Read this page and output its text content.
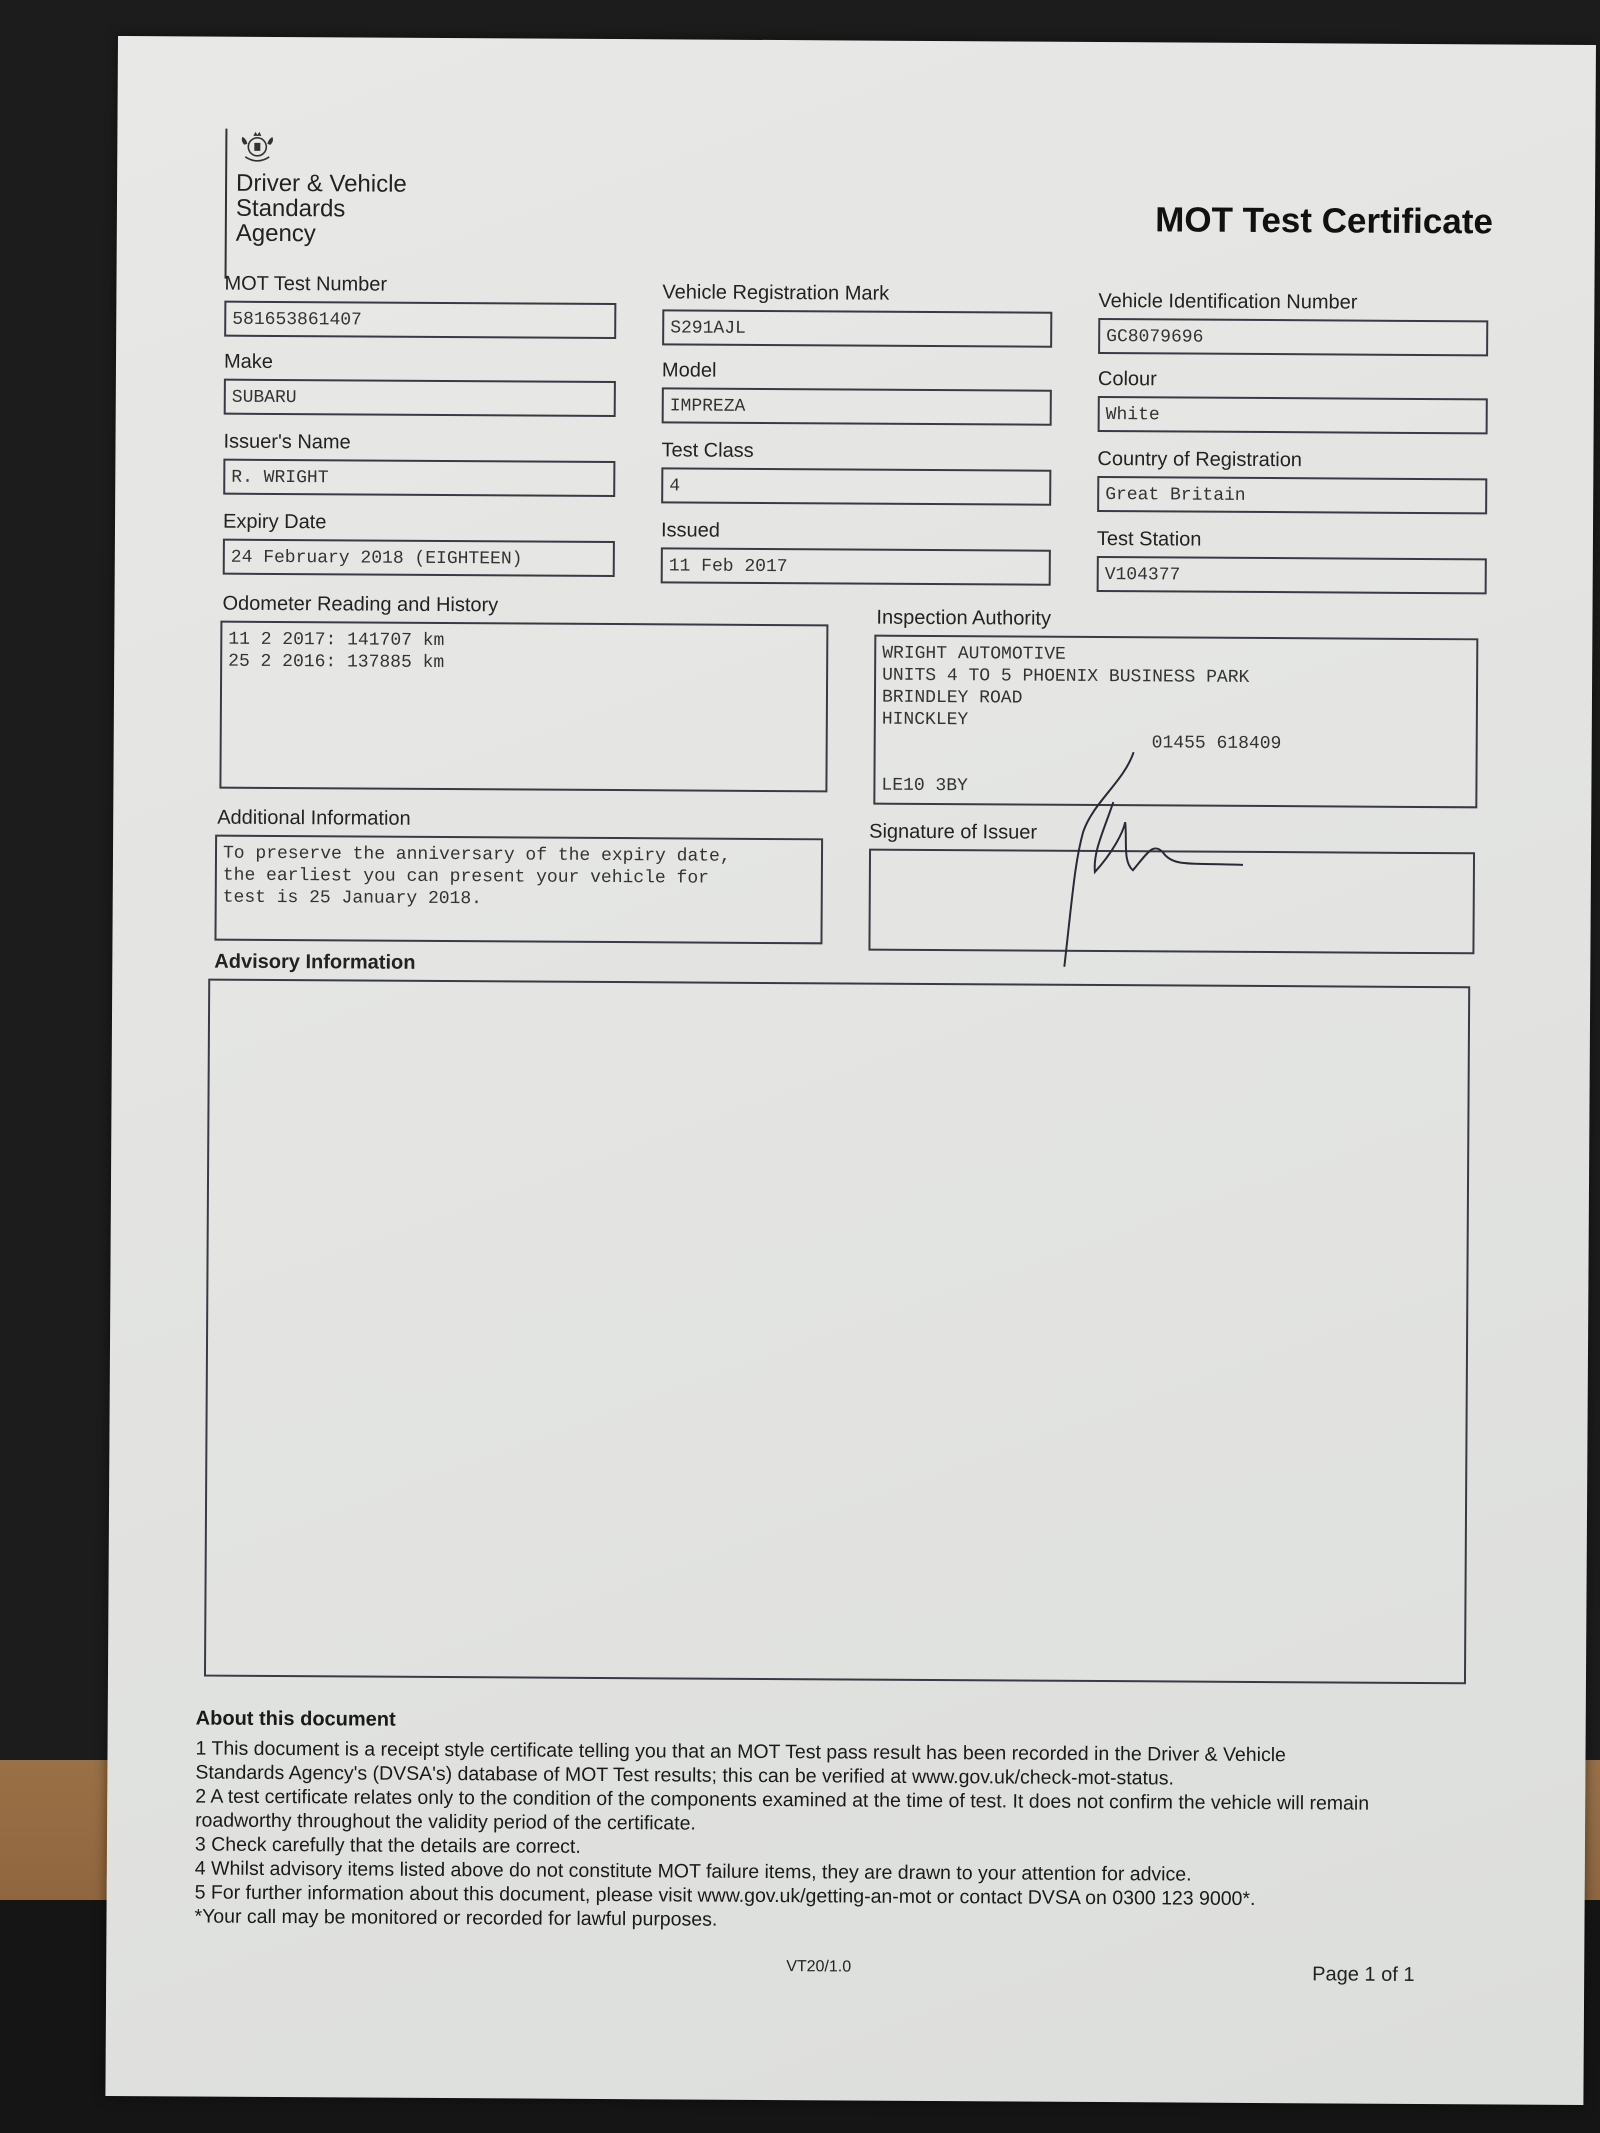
Driver & Vehicle
Standards
Agency	MOT Test Certificate
MOT Test Number
581653861407
Vehicle Registration Mark
S291AJL
Vehicle Identification Number
GC8079696
Make
SUBARU
Model
IMPREZA
Colour
White
Issuer's Name
R. WRIGHT
Test Class
4
Country of Registration
Great Britain
Expiry Date
24 February 2018 (EIGHTEEN)
Issued
11 Feb 2017
Test Station
V104377
Odometer Reading and History
11 2 2017: 141707 km
25 2 2016: 137885 km
Inspection Authority
WRIGHT AUTOMOTIVE
UNITS 4 TO 5 PHOENIX BUSINESS PARK
BRINDLEY ROAD
HINCKLEY

LE10 3BY

01455 618409

Additional Information
To preserve the anniversary of the expiry date,
the earliest you can present your vehicle for
test is 25 January 2018.
Signature of Issuer
Advisory Information
About this document

1 This document is a receipt style certificate telling you that an MOT Test pass result has been recorded in the Driver & Vehicle

Standards Agency's (DVSA's) database of MOT Test results; this can be verified at www.gov.uk/check-mot-status.

2 A test certificate relates only to the condition of the components examined at the time of test. It does not confirm the vehicle will remain

roadworthy throughout the validity period of the certificate.

3 Check carefully that the details are correct.

4 Whilst advisory items listed above do not constitute MOT failure items, they are drawn to your attention for advice.

5 For further information about this document, please visit www.gov.uk/getting-an-mot or contact DVSA on 0300 123 9000*.

*Your call may be monitored or recorded for lawful purposes.

VT20/1.0	Page 1 of 1
